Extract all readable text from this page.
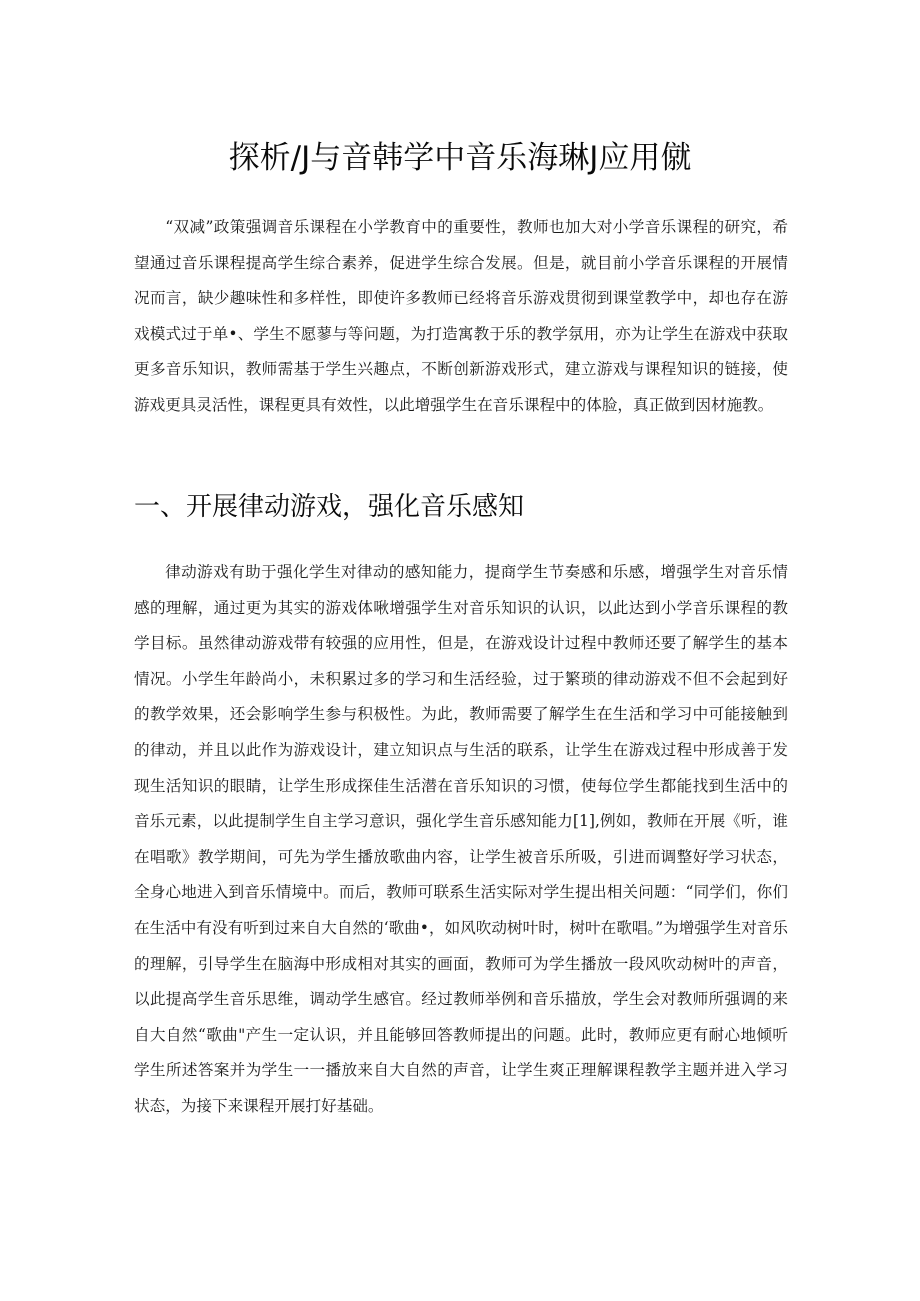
探析/J与音韩学中音乐海琳J应用僦

“双减”政策强调音乐课程在小学教育中的重要性，教师也加大对小学音乐课程的研究，希望通过音乐课程提高学生综合素养，促进学生综合发展。但是，就目前小学音乐课程的开展情况而言，缺少趣味性和多样性，即使许多教师已经将音乐游戏贯彻到课堂教学中，却也存在游戏模式过于单•、学生不愿蓼与等问题，为打造寓教于乐的教学氛用，亦为让学生在游戏中获取更多音乐知识，教师需基于学生兴趣点，不断创新游戏形式，建立游戏与课程知识的链接，使游戏更具灵活性，课程更具有效性，以此增强学生在音乐课程中的体脸，真正做到因材施教。

一、开展律动游戏，强化音乐感知

律动游戏有助于强化学生对律动的感知能力，提商学生节奏感和乐感，增强学生对音乐情感的理解，通过更为其实的游戏体啾增强学生对音乐知识的认识，以此达到小学音乐课程的教学目标。虽然律动游戏带有较强的应用性，但是，在游戏设计过程中教师还要了解学生的基本情况。小学生年龄尚小，未积累过多的学习和生活经验，过于繁琐的律动游戏不但不会起到好的教学效果，还会影响学生参与积极性。为此，教师需要了解学生在生活和学习中可能接触到的律动，并且以此作为游戏设计，建立知识点与生活的联系，让学生在游戏过程中形成善于发现生活知识的眼睛，让学生形成探佳生活潜在音乐知识的习惯，使每位学生都能找到生活中的音乐元素，以此提制学生自主学习意识，强化学生音乐感知能力[1],例如，教师在开展《听，谁在唱歌》教学期间，可先为学生播放歌曲内容，让学生被音乐所吸，引进而调整好学习状态，全身心地进入到音乐情境中。而后，教师可联系生活实际对学生提出相关问题：“同学们，你们在生活中有没有听到过来自大自然的‘歌曲•，如风吹动树叶时，树叶在歌唱。”为增强学生对音乐的理解，引导学生在脑海中形成相对其实的画面，教师可为学生播放一段风吹动树叶的声音，以此提高学生音乐思维，调动学生感官。经过教师举例和音乐描放，学生会对教师所强调的来自大自然“歌曲"产生一定认识，并且能够回答教师提出的问题。此时，教师应更有耐心地倾听学生所述答案并为学生一一播放来自大自然的声音，让学生爽正理解课程教学主题并进入学习状态，为接下来课程开展打好基础。
